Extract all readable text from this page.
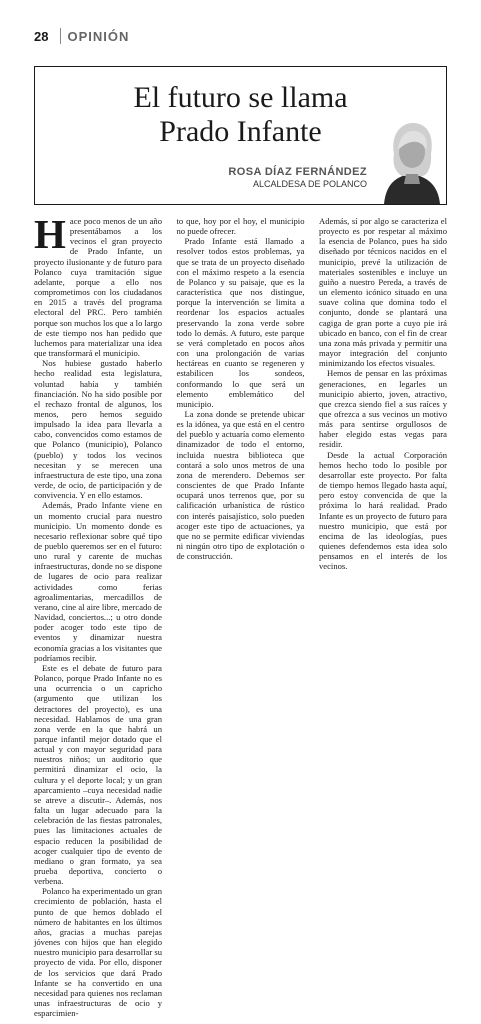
28 OPINIÓN
El futuro se llama
Prado Infante
ROSA DÍAZ FERNÁNDEZ
ALCALDESA DE POLANCO

Hace poco menos de un año presentábamos a los vecinos el gran proyecto de Prado Infante, un proyecto ilusionante y de futuro para Polanco cuya tramitación sigue adelante, porque a ello nos comprometimos con los ciudadanos en 2015 a través del programa electoral del PRC. Pero también porque son muchos los que a lo largo de este tiempo nos han pedido que luchemos para materializar una idea que transformará el municipio.

Nos hubiese gustado haberlo hecho realidad esta legislatura, voluntad había y también financiación. No ha sido posible por el rechazo frontal de algunos, los menos, pero hemos seguido impulsado la idea para llevarla a cabo, convencidos como estamos de que Polanco (municipio), Polanco (pueblo) y todos los vecinos necesitan y se merecen una infraestructura de este tipo, una zona verde, de ocio, de participación y de convivencia. Y en ello estamos.

Además, Prado Infante viene en un momento crucial para nuestro municipio. Un momento donde es necesario reflexionar sobre qué tipo de pueblo queremos ser en el futuro: uno rural y carente de muchas infraestructuras, donde no se dispone de lugares de ocio para realizar actividades como ferias agroalimentarias, mercadillos de verano, cine al aire libre, mercado de Navidad, conciertos...; u otro donde poder acoger todo este tipo de eventos y dinamizar nuestra economía gracias a los visitantes que podríamos recibir.

Este es el debate de futuro para Polanco, porque Prado Infante no es una ocurrencia o un capricho (argumento que utilizan los detractores del proyecto), es una necesidad. Hablamos de una gran zona verde en la que habrá un parque infantil mejor dotado que el actual y con mayor seguridad para nuestros niños; un auditorio que permitirá dinamizar el ocio, la cultura y el deporte local; y un gran aparcamiento –cuya necesidad nadie se atreve a discutir–. Además, nos falta un lugar adecuado para la celebración de las fiestas patronales, pues las limitaciones actuales de espacio reducen la posibilidad de acoger cualquier tipo de evento de mediano o gran formato, ya sea prueba deportiva, concierto o verbena.

Polanco ha experimentado un gran crecimiento de población, hasta el punto de que hemos doblado el número de habitantes en los últimos años, gracias a muchas parejas jóvenes con hijos que han elegido nuestro municipio para desarrollar su proyecto de vida. Por ello, disponer de los servicios que dará Prado Infante se ha convertido en una necesidad para quienes nos reclaman unas infraestructuras de ocio y esparcimien-

to que, hoy por el hoy, el municipio no puede ofrecer.

Prado Infante está llamado a resolver todos estos problemas, ya que se trata de un proyecto diseñado con el máximo respeto a la esencia de Polanco y su paisaje, que es la característica que nos distingue, porque la intervención se limita a reordenar los espacios actuales preservando la zona verde sobre todo lo demás. A futuro, este parque se verá completado en pocos años con una prolongación de varias hectáreas en cuanto se regeneren y estabilicen los sondeos, conformando lo que será un elemento emblemático del municipio.

La zona donde se pretende ubicar es la idónea, ya que está en el centro del pueblo y actuaría como elemento dinamizador de todo el entorno, incluida nuestra biblioteca que contará a solo unos metros de una zona de merendero. Debemos ser conscientes de que Prado Infante ocupará unos terrenos que, por su calificación urbanística de rústico con interés paisajístico, solo pueden acoger este tipo de actuaciones, ya que no se permite edificar viviendas ni ningún otro tipo de explotación o de construcción.

Además, sí por algo se caracteriza el proyecto es por respetar al máximo la esencia de Polanco, pues ha sido diseñado por técnicos nacidos en el municipio, prevé la utilización de materiales sostenibles e incluye un guiño a nuestro Pereda, a través de un elemento icónico situado en una suave colina que domina todo el conjunto, donde se plantará una cagiga de gran porte a cuyo pie irá ubicado en banco, con el fin de crear una zona más privada y permitir una mayor integración del conjunto minimizando los efectos visuales.

Hemos de pensar en las próximas generaciones, en legarles un municipio abierto, joven, atractivo, que crezca siendo fiel a sus raíces y que ofrezca a sus vecinos un motivo más para sentirse orgullosos de haber elegido estas vegas para residir.

Desde la actual Corporación hemos hecho todo lo posible por desarrollar este proyecto. Por falta de tiempo hemos llegado hasta aquí, pero estoy convencida de que la próxima lo hará realidad. Prado Infante es un proyecto de futuro para nuestro municipio, que está por encima de las ideologías, pues quienes defendemos esta idea solo pensamos en el interés de los vecinos.
